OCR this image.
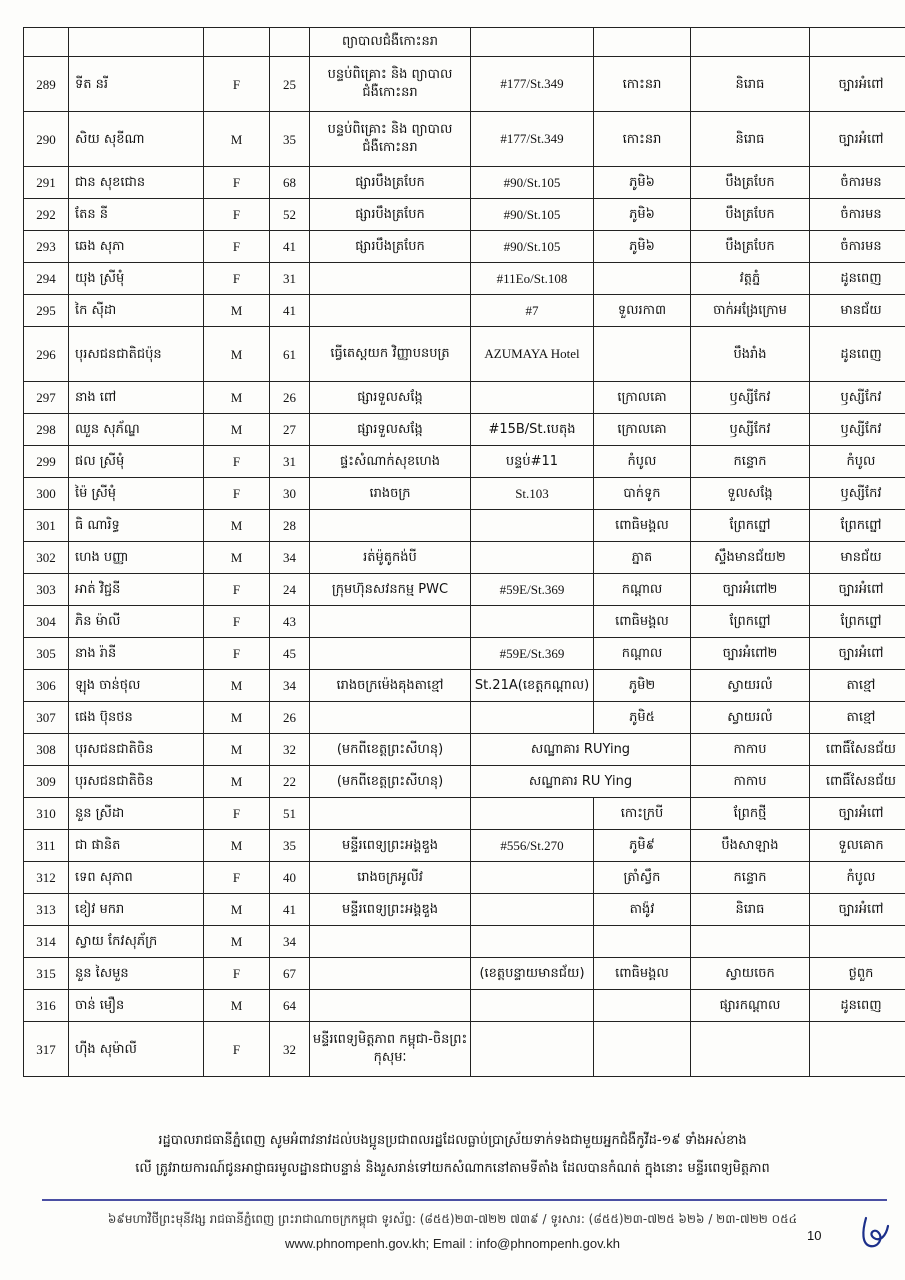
				ព្យាបាលជំងឺកោះនរា				
289	ទីត នរី	F	25	បន្ទប់ពិគ្រោះ និង ព្យាបាលជំងឺកោះនរា	#177/St.349	កោះនរា	និរោធ	ច្បារអំពៅ
290	សិយ សុខីណា	M	35	បន្ទប់ពិគ្រោះ និង ព្យាបាលជំងឺកោះនរា	#177/St.349	កោះនរា	និរោធ	ច្បារអំពៅ
291	ជាន សុខជោន	F	68	ផ្សារបឹងត្របែក	#90/St.105	ភូមិ៦	បឹងត្របែក	ចំការមន
292	តែន នី	F	52	ផ្សារបឹងត្របែក	#90/St.105	ភូមិ៦	បឹងត្របែក	ចំការមន
293	ឆេង សុភា	F	41	ផ្សារបឹងត្របែក	#90/St.105	ភូមិ៦	បឹងត្របែក	ចំការមន
294	យុង ស្រីមុំ	F	31		#11Eo/St.108		វត្តភ្នំ	ដូនពេញ
295	កៃ ស៊ីដា	M	41		#7	ទួលរកា៣	ចាក់អង្រែក្រោម	មានជ័យ
296	បុរសជនជាតិជប៉ុន	M	61	ធ្វើតេស្តយក វិញ្ញាបនបត្រ	AZUMAYA Hotel		បឹងរាំង	ដូនពេញ
297	នាង ពៅ	M	26	ផ្សារទួលសង្កែ		ក្រោលគោ	ឫស្សីកែវ	ឫស្សីកែវ
298	ឈួន សុភ័ណ្ឌ	M	27	ផ្សារទួលសង្កែ	#15B/St.បេតុង	ក្រោលគោ	ឫស្សីកែវ	ឫស្សីកែវ
299	ផល ស្រីមុំ	F	31	ផ្ទះសំណាក់សុខហេង	បន្ទប់#11	កំបូល	កន្ទោក	កំបូល
300	ម៉ៃ ស្រីមុំ	F	30	រោងចក្រ	St.103	បាក់ទូក	ទួលសង្កែ	ឫស្សីកែវ
301	ធិ ណារិទ្ធ	M	28			ពោធិមង្គល	ព្រែកព្នៅ	ព្រែកព្នៅ
302	ហេង បញ្ញា	M	34	រត់ម៉ូតូកង់បី		ភ្នាត	ស្ទឹងមានជ័យ២	មានជ័យ
303	អាត់ វិជ្ជនី	F	24	ក្រុមហ៊ុនសវនកម្ម PWC	#59E/St.369	កណ្តាល	ច្បារអំពៅ២	ច្បារអំពៅ
304	ភិន ម៉ាលី	F	43			ពោធិមង្គល	ព្រែកព្នៅ	ព្រែកព្នៅ
305	នាង រ៉ានី	F	45		#59E/St.369	កណ្តាល	ច្បារអំពៅ២	ច្បារអំពៅ
306	ឡុង ចាន់ថុល	M	34	រោងចក្រម៉េងគុងតាខ្មៅ	St.21A(ខេត្តកណ្តាល)	ភូមិ២	ស្វាយរលំ	តាខ្មៅ
307	ផេង ប៊ុនថន	M	26			ភូមិ៥	ស្វាយរលំ	តាខ្មៅ
308	បុរសជនជាតិចិន	M	32	(មកពីខេត្តព្រះសីហនុ)	សណ្ឋាគារ RUYing		កាកាប	ពោធិ៍សែនជ័យ
309	បុរសជនជាតិចិន	M	22	(មកពីខេត្តព្រះសីហនុ)	សណ្ឋាគារ RU Ying		កាកាប	ពោធិ៍សែនជ័យ
310	នួន ស្រីដា	F	51			កោះក្របី	ព្រែកថ្មី	ច្បារអំពៅ
311	ជា ផានិត	M	35	មន្ទីរពេទ្យព្រះអង្គឌួង	#556/St.270	ភូមិ៩	បឹងសាឡាង	ទួលគោក
312	ទេព សុភាព	F	40	រោងចក្រអូលីវ		ត្រាំស្វឹក	កន្ទោក	កំបូល
313	ខៀវ មករា	M	41	មន្ទីរពេទ្យព្រះអង្គឌួង		តាង៉ូវ	និរោធ	ច្បារអំពៅ
314	ស្វាយ កែវសុភ័ក្រ	M	34					
315	នួន សៃមួន	F	67		(ខេត្តបន្ទាយមានជ័យ)	ពោធិមង្គល	ស្វាយចេក	ថ្ងពួក
316	ចាន់ មឿន	M	64				ផ្សារកណ្តាល	ដូនពេញ
317	ហ៊ីង សុម៉ាលី	F	32	មន្ទីរពេទ្យមិត្តភាព កម្ពុជា-ចិនព្រះកុសុមៈ				
រដ្ឋបាលរាជធានីភ្នំពេញ សូមអំពាវនាវដល់បងប្អូនប្រជាពលរដ្ឋដែលធ្លាប់ប្រាស្រ័យទាក់ទងជាមួយអ្នកជំងឺកូវីដ-១៩ ទាំងអស់ខាង
លើ ត្រូវរាយការណ៍ជូនអាជ្ញាធរមូលដ្ឋានជាបន្ទាន់ និងរួសរាន់ទៅយកសំណាកនៅតាមទីតាំង ដែលបានកំណត់ ក្នុងនោះ មន្ទីរពេទ្យមិត្តភាព
៦៩មហាវិថីព្រះមុនីវង្ស រាជធានីភ្នំពេញ ព្រះរាជាណាចក្រកម្ពុជា ទូរស័ព្ទ: (៨៥៥)២៣-៧២២ ៧៣៩ / ទូរសារ: (៨៥៥)២៣-៧២៥ ៦២៦ / ២៣-៧២២ ០៥៤
www.phnompenh.gov.kh; Email : info@phnompenh.gov.kh
10
